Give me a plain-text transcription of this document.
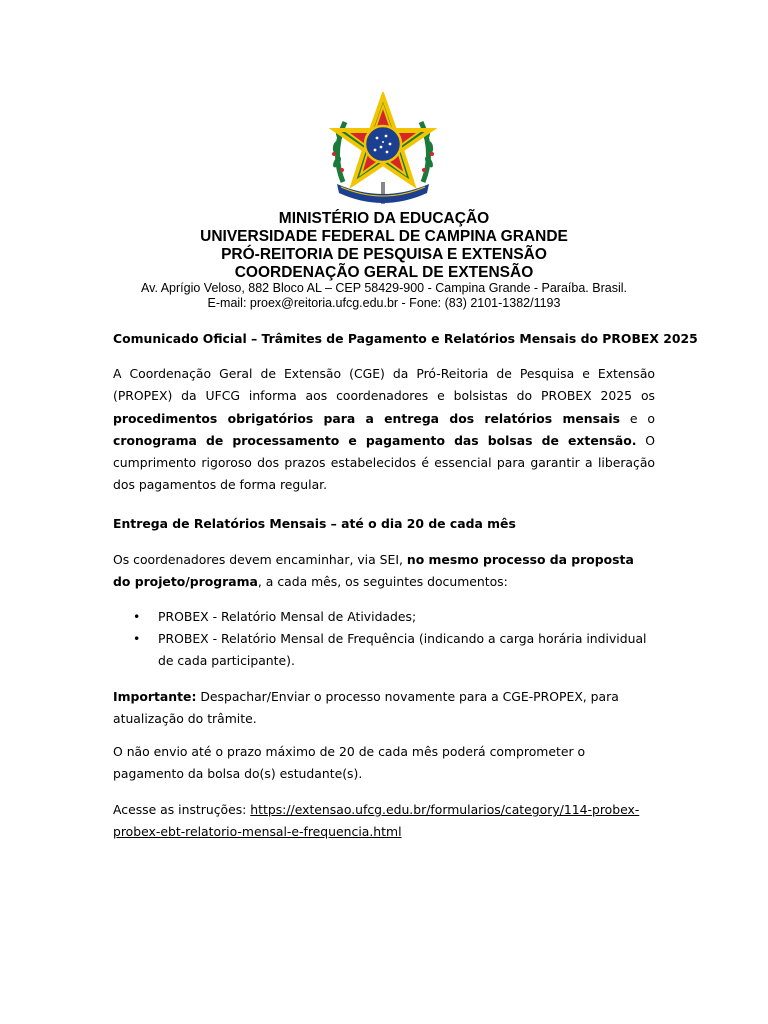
MINISTÉRIO DA EDUCAÇÃO
UNIVERSIDADE FEDERAL DE CAMPINA GRANDE
PRÓ-REITORIA DE PESQUISA E EXTENSÃO
COORDENAÇÃO GERAL DE EXTENSÃO
Av. Aprígio Veloso, 882 Bloco AL – CEP 58429-900 - Campina Grande - Paraíba. Brasil.
E-mail: proex@reitoria.ufcg.edu.br - Fone: (83) 2101-1382/1193
Comunicado Oficial – Trâmites de Pagamento e Relatórios Mensais do PROBEX 2025
A Coordenação Geral de Extensão (CGE) da Pró-Reitoria de Pesquisa e Extensão (PROPEX) da UFCG informa aos coordenadores e bolsistas do PROBEX 2025 os procedimentos obrigatórios para a entrega dos relatórios mensais e o cronograma de processamento e pagamento das bolsas de extensão. O cumprimento rigoroso dos prazos estabelecidos é essencial para garantir a liberação dos pagamentos de forma regular.
Entrega de Relatórios Mensais – até o dia 20 de cada mês
Os coordenadores devem encaminhar, via SEI, no mesmo processo da proposta do projeto/programa, a cada mês, os seguintes documentos:
• PROBEX - Relatório Mensal de Atividades;
• PROBEX - Relatório Mensal de Frequência (indicando a carga horária individual de cada participante).
Importante: Despachar/Enviar o processo novamente para a CGE-PROPEX, para atualização do trâmite.
O não envio até o prazo máximo de 20 de cada mês poderá comprometer o pagamento da bolsa do(s) estudante(s).
Acesse as instruções: https://extensao.ufcg.edu.br/formularios/category/114-probex-probex-ebt-relatorio-mensal-e-frequencia.html
